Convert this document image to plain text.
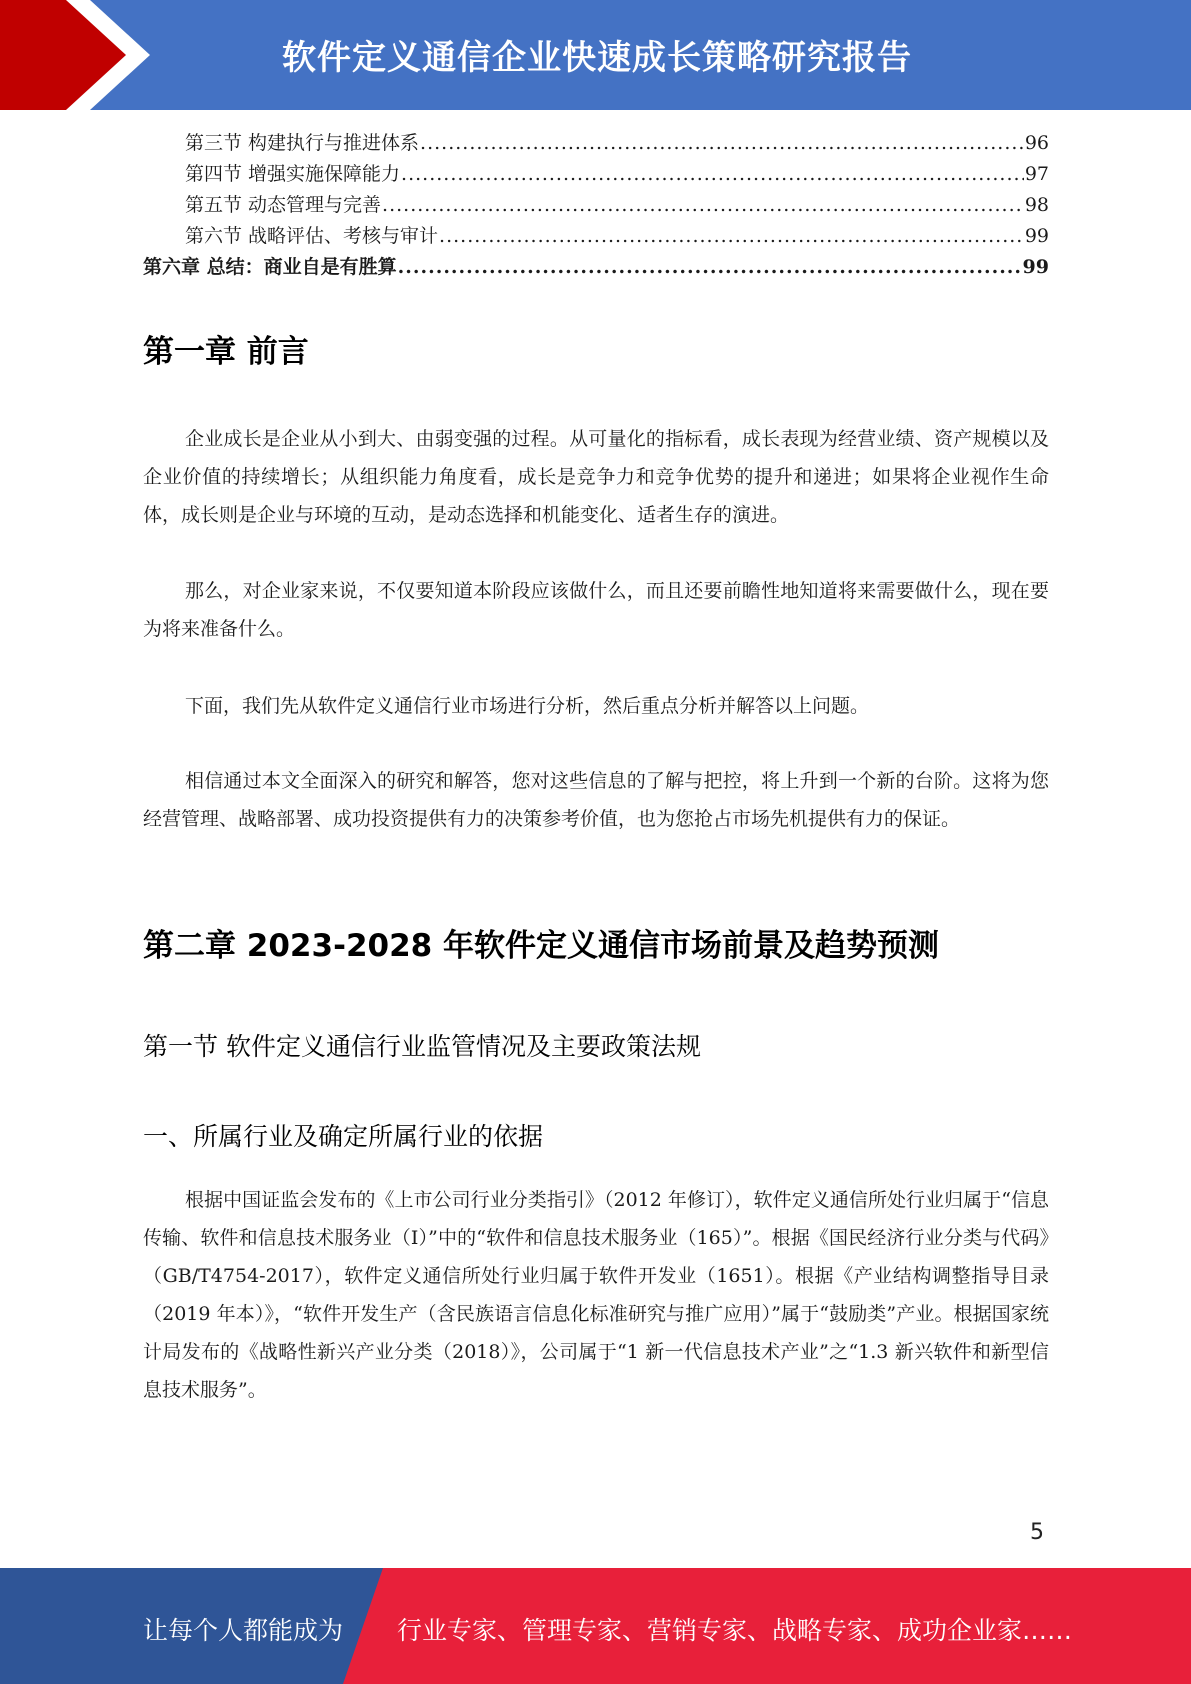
软件定义通信企业快速成长策略研究报告
第三节 构建执行与推进体系 .....	96
第四节 增强实施保障能力 .....	97
第五节 动态管理与完善 .....	98
第六节 战略评估、考核与审计 .....	99
第六章 总结：商业自是有胜算 .....	99
第一章 前言

企业成长是企业从小到大、由弱变强的过程。从可量化的指标看，成长表现为经营业绩、资产规模以及企业价值的持续增长；从组织能力角度看，成长是竞争力和竞争优势的提升和递进；如果将企业视作生命体，成长则是企业与环境的互动，是动态选择和机能变化、适者生存的演进。

那么，对企业家来说，不仅要知道本阶段应该做什么，而且还要前瞻性地知道将来需要做什么，现在要为将来准备什么。

下面，我们先从软件定义通信行业市场进行分析，然后重点分析并解答以上问题。

相信通过本文全面深入的研究和解答，您对这些信息的了解与把控，将上升到一个新的台阶。这将为您经营管理、战略部署、成功投资提供有力的决策参考价值，也为您抢占市场先机提供有力的保证。

第二章 2023-2028 年软件定义通信市场前景及趋势预测
第一节 软件定义通信行业监管情况及主要政策法规
一、所属行业及确定所属行业的依据

根据中国证监会发布的《上市公司行业分类指引》（2012 年修订），软件定义通信所处行业归属于“信息传输、软件和信息技术服务业（I）”中的“软件和信息技术服务业（165）”。根据《国民经济行业分类与代码》（GB/T4754-2017），软件定义通信所处行业归属于软件开发业（1651）。根据《产业结构调整指导目录（2019 年本）》，“软件开发生产（含民族语言信息化标准研究与推广应用）”属于“鼓励类”产业。根据国家统计局发布的《战略性新兴产业分类（2018）》，公司属于“1 新一代信息技术产业”之“1.3 新兴软件和新型信息技术服务”。

5
让每个人都能成为 行业专家、管理专家、营销专家、战略专家、成功企业家……
